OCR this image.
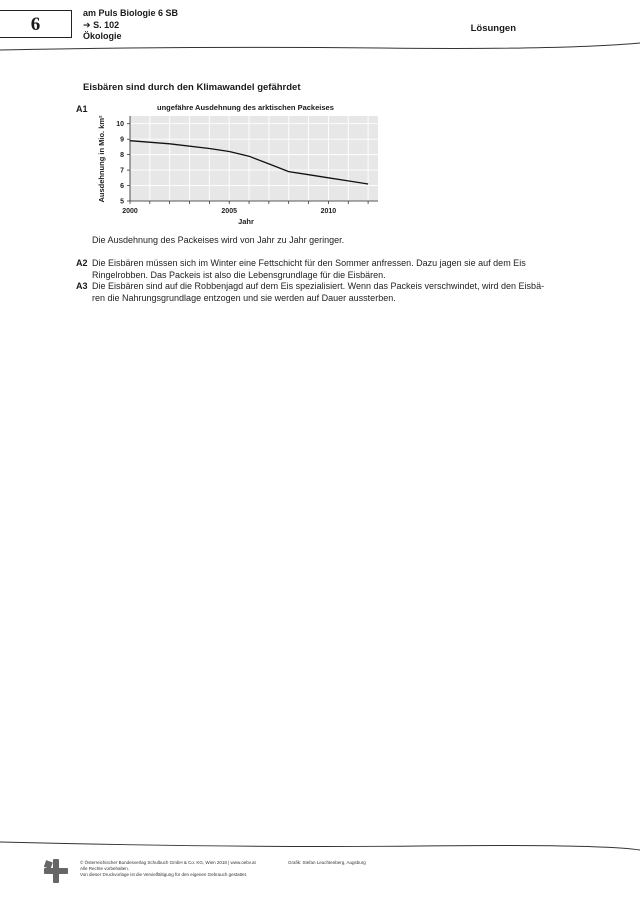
6
am Puls Biologie 6 SB
➔ S. 102
Ökologie
Lösungen
Eisbären sind durch den Klimawandel gefährdet
A1	ungefähre Ausdehnung des arktischen Packeises
5
6
7
8
9
10
2000	2005	2010
Jahr
Ausdehnung in Mio. km²
Die Ausdehnung des Packeises wird von Jahr zu Jahr geringer.
A2 Die Eisbären müssen sich im Winter eine Fettschicht für den Sommer anfressen. Dazu jagen sie auf dem Eis
Ringelrobben. Das Packeis ist also die Lebensgrundlage für die Eisbären.
A3 Die Eisbären sind auf die Robbenjagd auf dem Eis spezialisiert. Wenn das Packeis verschwindet, wird den Eisbä-
ren die Nahrungsgrundlage entzogen und sie werden auf Dauer aussterben.
© Österreichischer Bundesverlag Schulbuch GmbH & Co. KG, Wien 2018 | www.oebv.at
Alle Rechte vorbehalten.
Von dieser Druckvorlage ist die Vervielfältigung für den eigenen Gebrauch gestattet.
Grafik: Stefan Leuchtenberg, Augsburg
